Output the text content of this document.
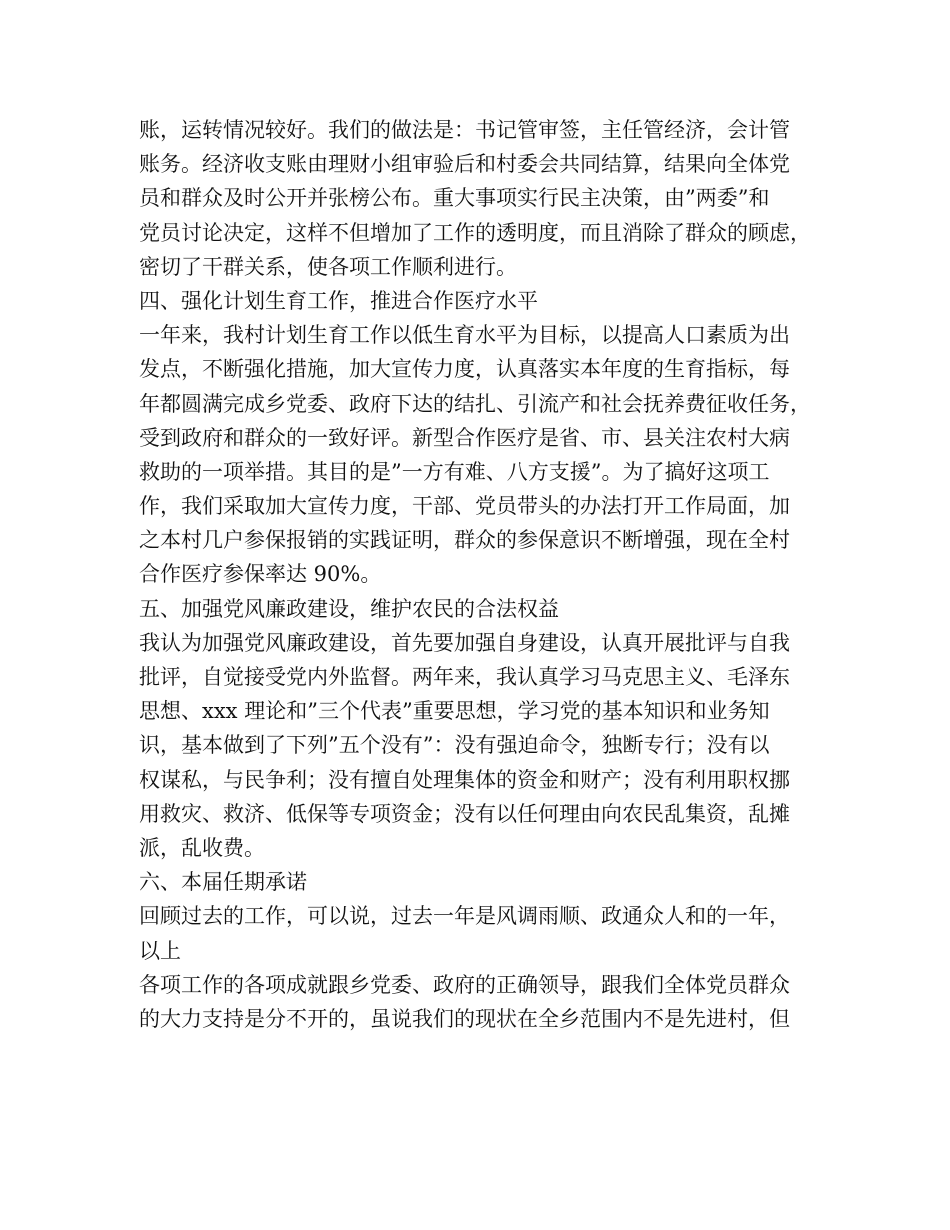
账，运转情况较好。我们的做法是：书记管审签，主任管经济，会计管
账务。经济收支账由理财小组审验后和村委会共同结算，结果向全体党
员和群众及时公开并张榜公布。重大事项实行民主决策，由”两委”和
党员讨论决定，这样不但增加了工作的透明度，而且消除了群众的顾虑，
密切了干群关系，使各项工作顺利进行。
四、强化计划生育工作，推进合作医疗水平
一年来，我村计划生育工作以低生育水平为目标，以提高人口素质为出
发点，不断强化措施，加大宣传力度，认真落实本年度的生育指标，每
年都圆满完成乡党委、政府下达的结扎、引流产和社会抚养费征收任务，
受到政府和群众的一致好评。新型合作医疗是省、市、县关注农村大病
救助的一项举措。其目的是”一方有难、八方支援”。为了搞好这项工
作，我们采取加大宣传力度，干部、党员带头的办法打开工作局面，加
之本村几户参保报销的实践证明，群众的参保意识不断增强，现在全村
合作医疗参保率达 90%。
五、加强党风廉政建设，维护农民的合法权益
我认为加强党风廉政建设，首先要加强自身建设，认真开展批评与自我
批评，自觉接受党内外监督。两年来，我认真学习马克思主义、毛泽东
思想、xxx 理论和”三个代表”重要思想，学习党的基本知识和业务知
识，基本做到了下列”五个没有”：没有强迫命令，独断专行；没有以
权谋私，与民争利；没有擅自处理集体的资金和财产；没有利用职权挪
用救灾、救济、低保等专项资金；没有以任何理由向农民乱集资，乱摊
派，乱收费。
六、本届任期承诺
回顾过去的工作，可以说，过去一年是风调雨顺、政通众人和的一年，
以上
各项工作的各项成就跟乡党委、政府的正确领导，跟我们全体党员群众
的大力支持是分不开的，虽说我们的现状在全乡范围内不是先进村，但
